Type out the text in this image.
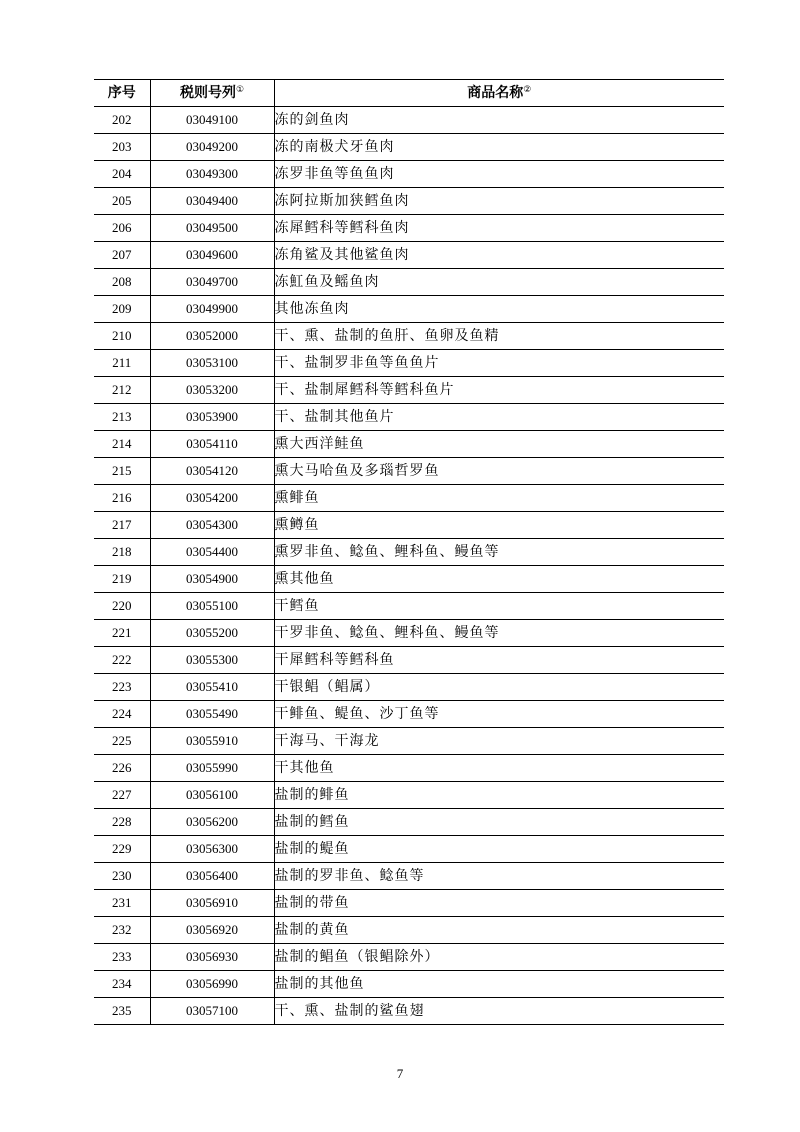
序号	税则号列①	商品名称②
202	03049100	冻的剑鱼肉
203	03049200	冻的南极犬牙鱼肉
204	03049300	冻罗非鱼等鱼鱼肉
205	03049400	冻阿拉斯加狭鳕鱼肉
206	03049500	冻犀鳕科等鳕科鱼肉
207	03049600	冻角鲨及其他鲨鱼肉
208	03049700	冻魟鱼及鳐鱼肉
209	03049900	其他冻鱼肉
210	03052000	干、熏、盐制的鱼肝、鱼卵及鱼精
211	03053100	干、盐制罗非鱼等鱼鱼片
212	03053200	干、盐制犀鳕科等鳕科鱼片
213	03053900	干、盐制其他鱼片
214	03054110	熏大西洋鲑鱼
215	03054120	熏大马哈鱼及多瑙哲罗鱼
216	03054200	熏鲱鱼
217	03054300	熏鳟鱼
218	03054400	熏罗非鱼、鲶鱼、鲤科鱼、鳗鱼等
219	03054900	熏其他鱼
220	03055100	干鳕鱼
221	03055200	干罗非鱼、鲶鱼、鲤科鱼、鳗鱼等
222	03055300	干犀鳕科等鳕科鱼
223	03055410	干银鲳（鲳属）
224	03055490	干鲱鱼、鳀鱼、沙丁鱼等
225	03055910	干海马、干海龙
226	03055990	干其他鱼
227	03056100	盐制的鲱鱼
228	03056200	盐制的鳕鱼
229	03056300	盐制的鳀鱼
230	03056400	盐制的罗非鱼、鲶鱼等
231	03056910	盐制的带鱼
232	03056920	盐制的黄鱼
233	03056930	盐制的鲳鱼（银鲳除外）
234	03056990	盐制的其他鱼
235	03057100	干、熏、盐制的鲨鱼翅
7
